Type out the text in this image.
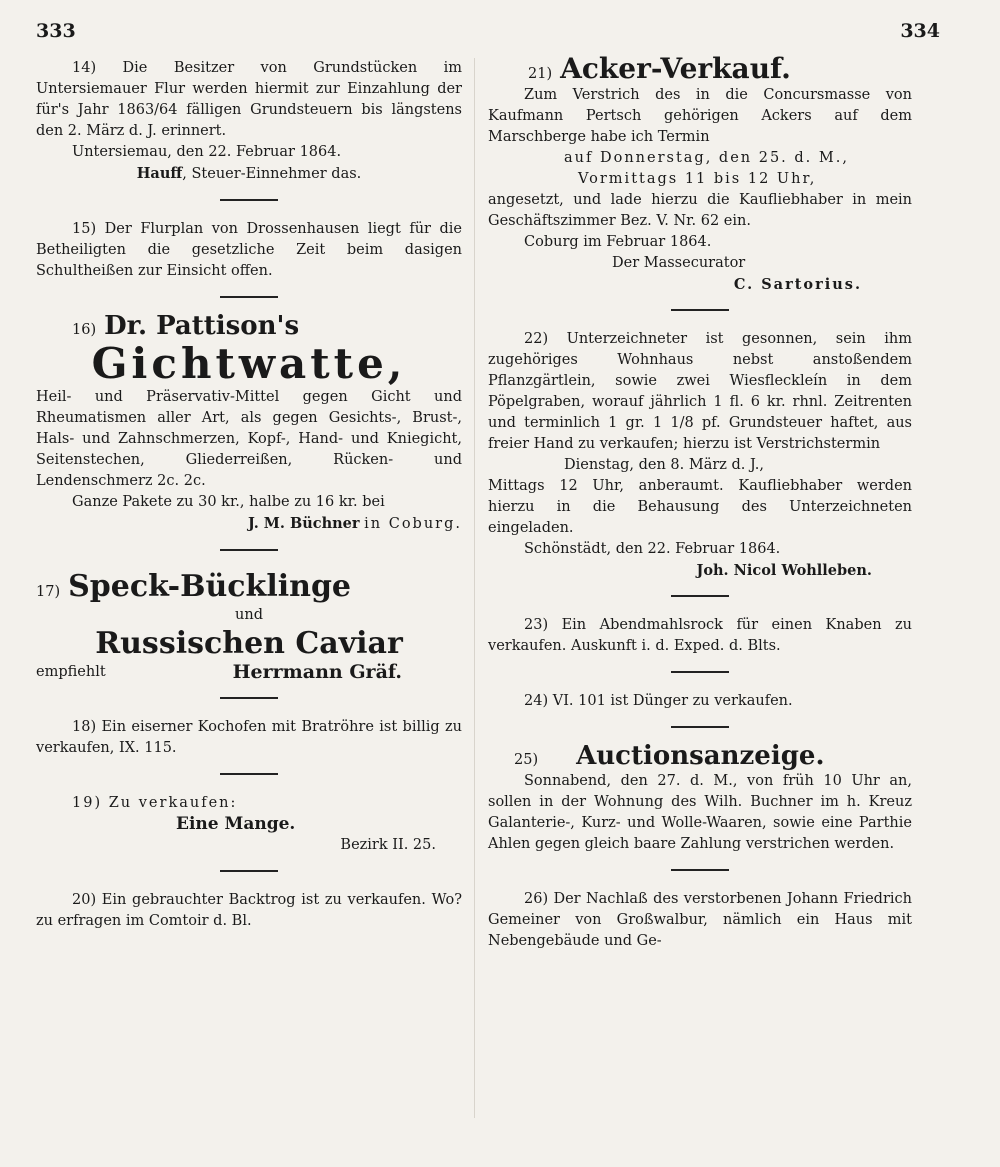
333	334

14) Die Besitzer von Grundstücken im Untersiemauer Flur werden hiermit zur Einzahlung der für's Jahr 1863/64 fälligen Grundsteuern bis längstens den 2. März d. J. erinnert.

Untersiemau, den 22. Februar 1864.

Hauff, Steuer-Einnehmer das.

15) Der Flurplan von Drossenhausen liegt für die Betheiligten die gesetzliche Zeit beim dasigen Schultheißen zur Einsicht offen.

16) Dr. Pattison's

Gichtwatte,

Heil- und Präservativ-Mittel gegen Gicht und Rheumatismen aller Art, als gegen Gesichts-, Brust-, Hals- und Zahnschmerzen, Kopf-, Hand- und Kniegicht, Seitenstechen, Gliederreißen, Rücken- und Lendenschmerz 2c. 2c.

Ganze Pakete zu 30 kr., halbe zu 16 kr. bei

J. M. Büchner in Coburg.

17) Speck-Bücklinge

und

Russischen Caviar

empfiehlt	Herrmann Gräf.

18) Ein eiserner Kochofen mit Bratröhre ist billig zu verkaufen, IX. 115.

19) Zu verkaufen:

Eine Mange.

Bezirk II. 25.

20) Ein gebrauchter Backtrog ist zu verkaufen. Wo? zu erfragen im Comtoir d. Bl.

21) Acker-Verkauf.

Zum Verstrich des in die Concursmasse von Kaufmann Pertsch gehörigen Ackers auf dem Marschberge habe ich Termin

auf Donnerstag, den 25. d. M.,

Vormittags 11 bis 12 Uhr,

angesetzt, und lade hierzu die Kaufliebhaber in mein Geschäftszimmer Bez. V. Nr. 62 ein.

Coburg im Februar 1864.

Der Massecurator

C. Sartorius.

22) Unterzeichneter ist gesonnen, sein ihm zugehöriges Wohnhaus nebst anstoßendem Pflanzgärtlein, sowie zwei Wiesfleckleín in dem Pöpelgraben, worauf jährlich 1 fl. 6 kr. rhnl. Zeitrenten und terminlich 1 gr. 1 1/8 pf. Grundsteuer haftet, aus freier Hand zu verkaufen; hierzu ist Verstrichstermin

Dienstag, den 8. März d. J.,

Mittags 12 Uhr, anberaumt. Kaufliebhaber werden hierzu in die Behausung des Unterzeichneten eingeladen.

Schönstädt, den 22. Februar 1864.

Joh. Nicol Wohlleben.

23) Ein Abendmahlsrock für einen Knaben zu verkaufen. Auskunft i. d. Exped. d. Blts.

24) VI. 101 ist Dünger zu verkaufen.

25) Auctionsanzeige.

Sonnabend, den 27. d. M., von früh 10 Uhr an, sollen in der Wohnung des Wilh. Buchner im h. Kreuz Galanterie-, Kurz- und Wolle-Waaren, sowie eine Parthie Ahlen gegen gleich baare Zahlung verstrichen werden.

26) Der Nachlaß des verstorbenen Johann Friedrich Gemeiner von Großwalbur, nämlich ein Haus mit Nebengebäude und Ge-
